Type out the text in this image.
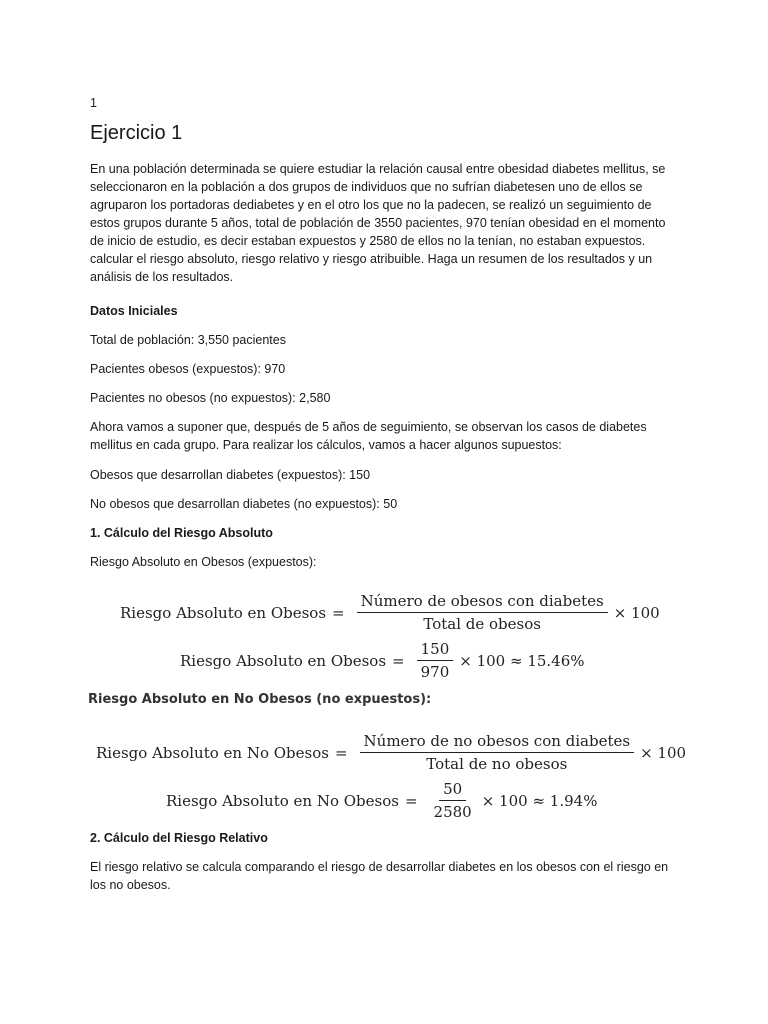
1
Ejercicio 1

En una población determinada se quiere estudiar la relación causal entre obesidad diabetes mellitus, se seleccionaron en la población a dos grupos de individuos que no sufrían diabetesen uno de ellos se agruparon los portadoras dediabetes y en el otro los que no la padecen, se realizó un seguimiento de estos grupos durante 5 años, total de población de 3550 pacientes, 970 tenían obesidad en el momento de inicio de estudio, es decir estaban expuestos y 2580 de ellos no la tenían, no estaban expuestos. calcular el riesgo absoluto, riesgo relativo y riesgo atribuible. Haga un resumen de los resultados y un análisis de los resultados.

Datos Iniciales

Total de población: 3,550 pacientes

Pacientes obesos (expuestos): 970

Pacientes no obesos (no expuestos): 2,580

Ahora vamos a suponer que, después de 5 años de seguimiento, se observan los casos de diabetes mellitus en cada grupo. Para realizar los cálculos, vamos a hacer algunos supuestos:

Obesos que desarrollan diabetes (expuestos): 150

No obesos que desarrollan diabetes (no expuestos): 50

1. Cálculo del Riesgo Absoluto

Riesgo Absoluto en Obesos (expuestos):

Riesgo Absoluto en Obesos = $\frac{\text{Número de obesos con diabetes}}{\text{Total de obesos}} \times 100$
Riesgo Absoluto en Obesos = $\frac{150}{970} \times 100 \approx 15.46\%$
Riesgo Absoluto en No Obesos (no expuestos):
Riesgo Absoluto en No Obesos = $\frac{\text{Número de no obesos con diabetes}}{\text{Total de no obesos}} \times 100$
Riesgo Absoluto en No Obesos = $\frac{50}{2580} \times 100 \approx 1.94\%$

2. Cálculo del Riesgo Relativo

El riesgo relativo se calcula comparando el riesgo de desarrollar diabetes en los obesos con el riesgo en los no obesos.
